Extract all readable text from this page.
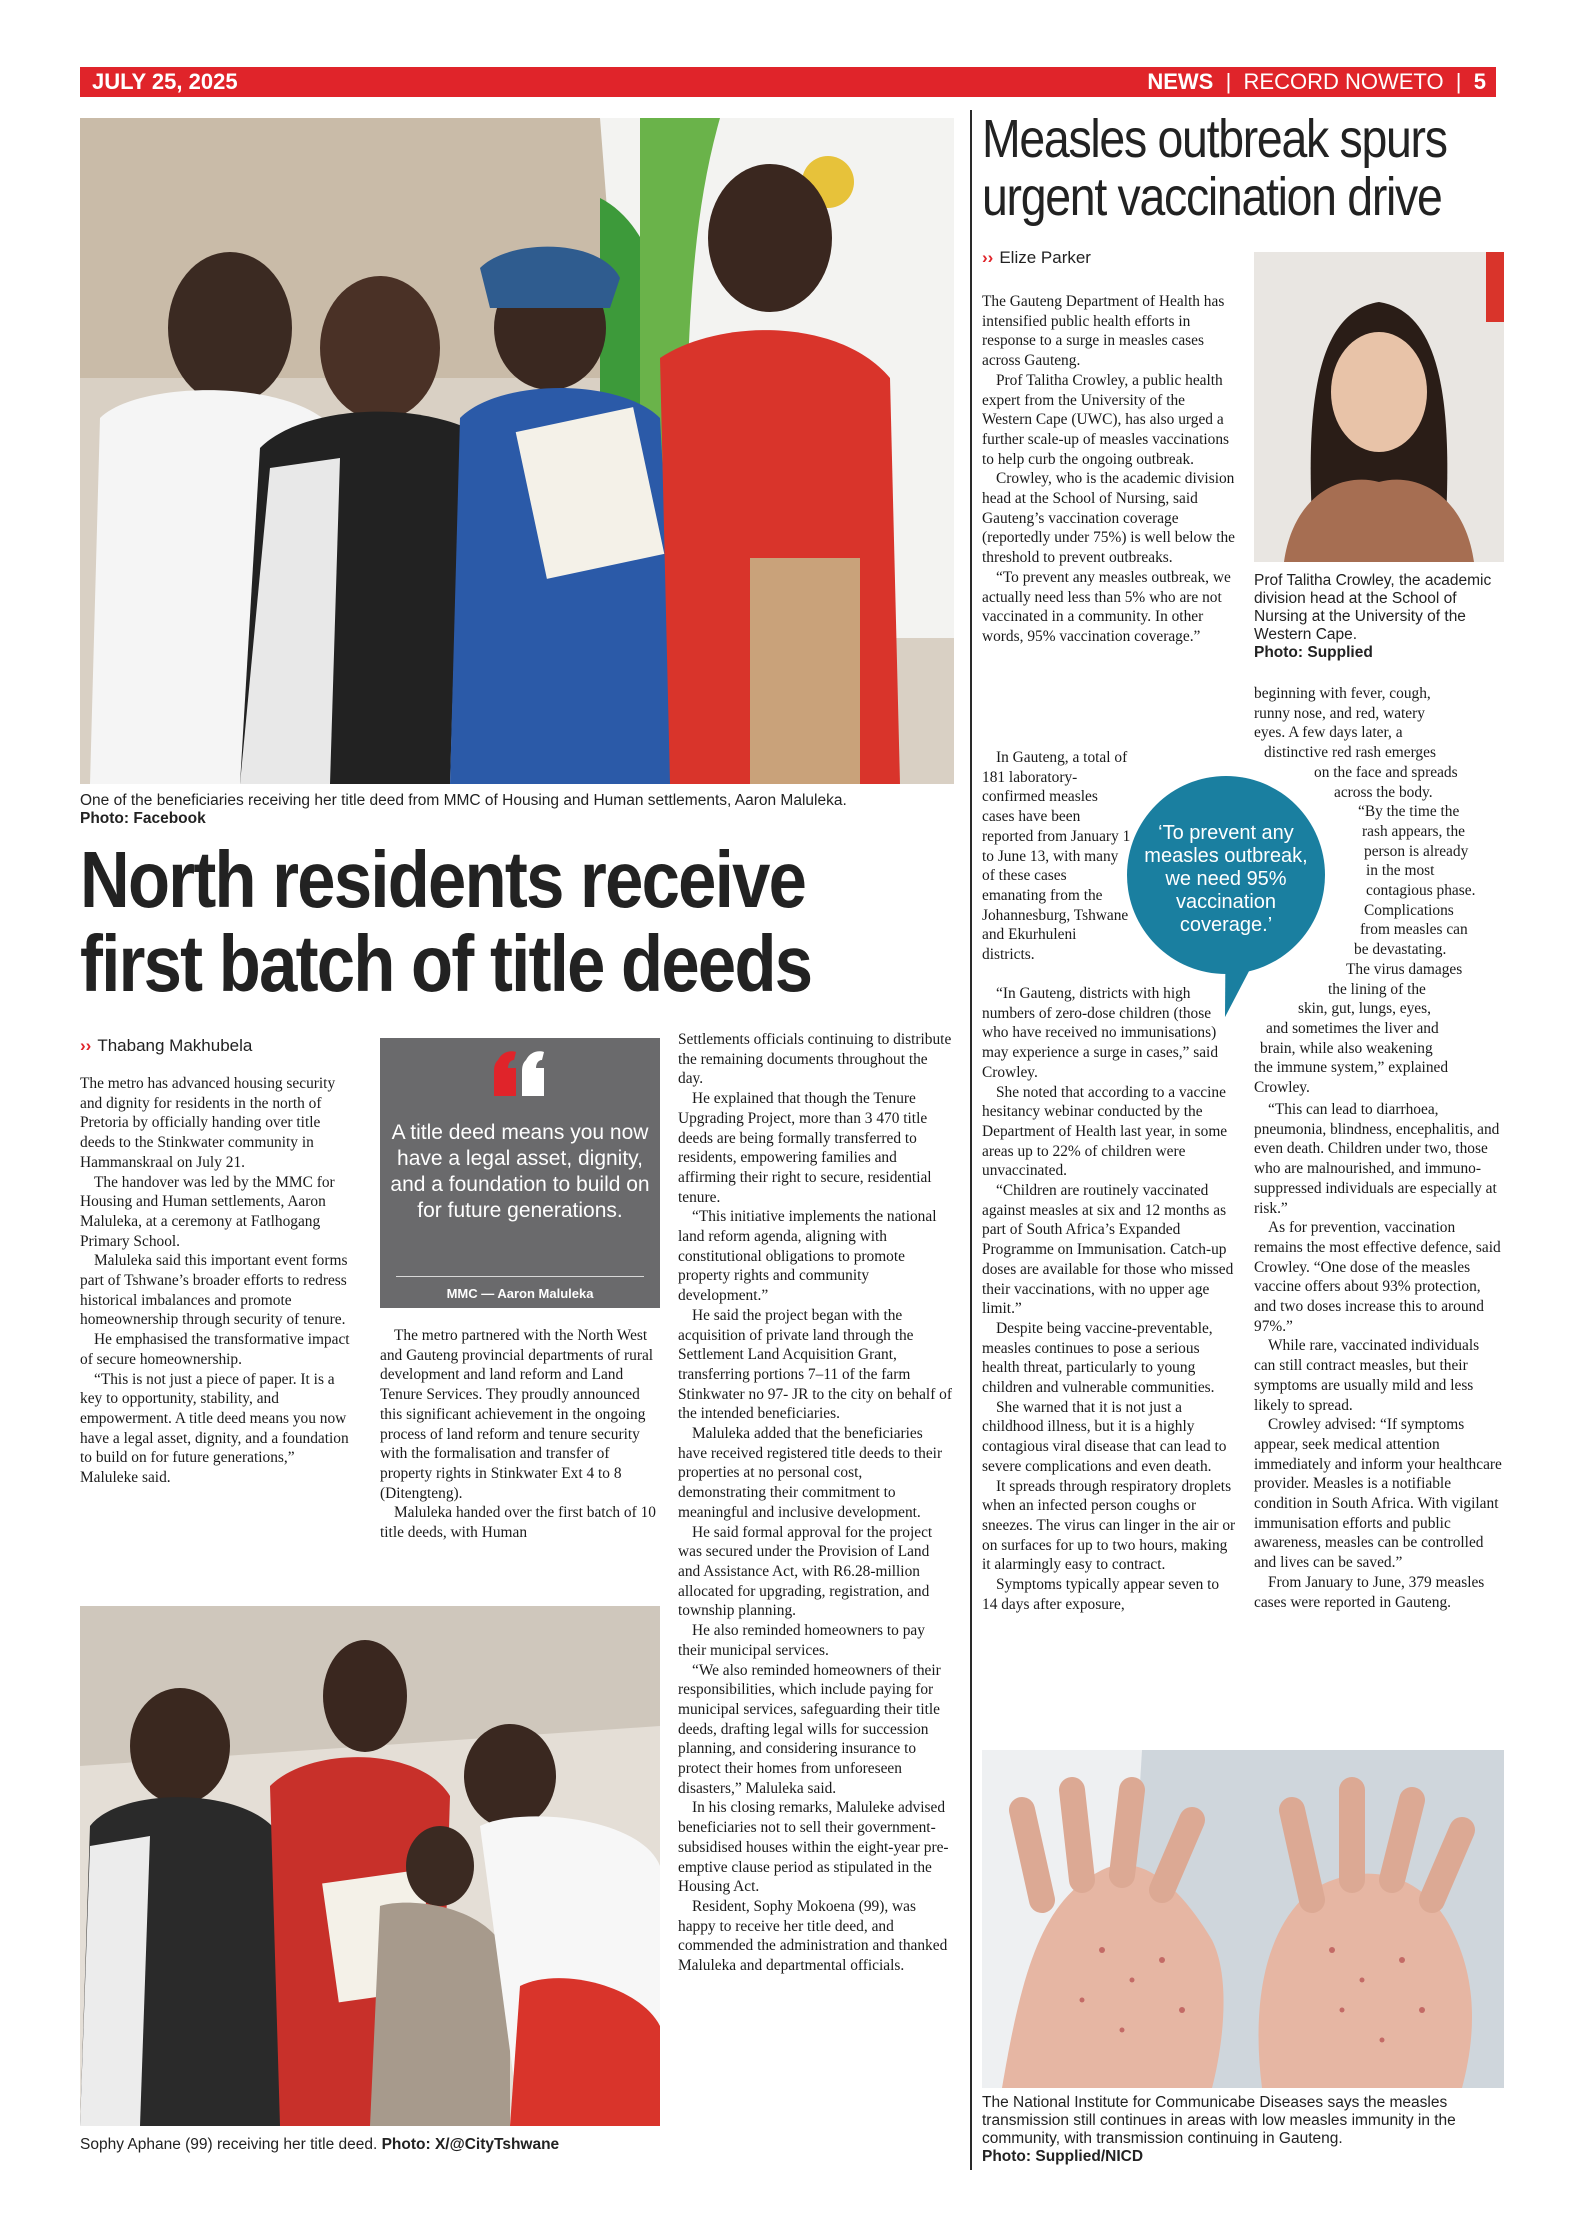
JULY 25, 2025	NEWS  |  RECORD NOWETO  |  5
One of the beneficiaries receiving her title deed from MMC of Housing and Human settlements, Aaron Maluleka.
Photo: Facebook
North residents receive
first batch of title deeds
›› Thabang Makhubela

The metro has advanced housing security and dignity for residents in the north of Pretoria by officially handing over title deeds to the Stinkwater community in Hammanskraal on July 21.

The handover was led by the MMC for Housing and Human settlements, Aaron Maluleka, at a ceremony at Fatlhogang Primary School.

Maluleka said this important event forms part of Tshwane’s broader efforts to redress historical imbalances and promote homeownership through security of tenure.

He emphasised the transformative impact of secure homeownership.

“This is not just a piece of paper. It is a key to opportunity, stability, and empowerment. A title deed means you now have a legal asset, dignity, and a foundation to build on for future generations,” Maluleke said.

A title deed means you now have a legal asset, dignity, and a foundation to build on for future generations.
MMC — Aaron Maluleka

The metro partnered with the North West and Gauteng provincial departments of rural development and land reform and Land Tenure Services. They proudly announced this significant achievement in the ongoing process of land reform and tenure security with the formalisation and transfer of property rights in Stinkwater Ext 4 to 8 (Ditengteng).

Maluleka handed over the first batch of 10 title deeds, with Human

Settlements officials continuing to distribute the remaining documents throughout the day.

He explained that though the Tenure Upgrading Project, more than 3 470 title deeds are being formally transferred to residents, empowering families and affirming their right to secure, residential tenure.

“This initiative implements the national land reform agenda, aligning with constitutional obligations to promote property rights and community development.”

He said the project began with the acquisition of private land through the Settlement Land Acquisition Grant, transferring portions 7–11 of the farm Stinkwater no 97- JR to the city on behalf of the intended beneficiaries.

Maluleka added that the beneficiaries have received registered title deeds to their properties at no personal cost, demonstrating their commitment to meaningful and inclusive development.

He said formal approval for the project was secured under the Provision of Land and Assistance Act, with R6.28-million allocated for upgrading, registration, and township planning.

He also reminded homeowners to pay their municipal services.

“We also reminded homeowners of their responsibilities, which include paying for municipal services, safeguarding their title deeds, drafting legal wills for succession planning, and considering insurance to protect their homes from unforeseen disasters,” Maluleka said.

In his closing remarks, Maluleke advised beneficiaries not to sell their government-subsidised houses within the eight-year pre-emptive clause period as stipulated in the Housing Act.

Resident, Sophy Mokoena (99), was happy to receive her title deed, and commended the administration and thanked Maluleka and departmental officials.

Sophy Aphane (99) receiving her title deed. Photo: X/@CityTshwane
Measles outbreak spurs
urgent vaccination drive
›› Elize Parker
Prof Talitha Crowley, the academic division head at the School of Nursing at the University of the Western Cape.
Photo: Supplied

The Gauteng Department of Health has intensified public health efforts in response to a surge in measles cases across Gauteng.

Prof Talitha Crowley, a public health expert from the University of the Western Cape (UWC), has also urged a further scale-up of measles vaccinations to help curb the ongoing outbreak.

Crowley, who is the academic division head at the School of Nursing, said Gauteng’s vaccination coverage (reportedly under 75%) is well below the threshold to prevent outbreaks.

“To prevent any measles outbreak, we actually need less than 5% who are not vaccinated in a community. In other words, 95% vaccination coverage.”

In Gauteng, a total of 181 laboratory-confirmed measles cases have been reported from January 1 to June 13, with many of these cases emanating from the Johannesburg, Tshwane and Ekurhuleni districts.

“In Gauteng, districts with high numbers of zero-dose children (those who have received no immunisations) may experience a surge in cases,” said Crowley.

She noted that according to a vaccine hesitancy webinar conducted by the Department of Health last year, in some areas up to 22% of children were unvaccinated.

“Children are routinely vaccinated against measles at six and 12 months as part of South Africa’s Expanded Programme on Immunisation. Catch-up doses are available for those who missed their vaccinations, with no upper age limit.”

Despite being vaccine-preventable, measles continues to pose a serious health threat, particularly to young children and vulnerable communities.

She warned that it is not just a childhood illness, but it is a highly contagious viral disease that can lead to severe complications and even death.

It spreads through respiratory droplets when an infected person coughs or sneezes. The virus can linger in the air or on surfaces for up to two hours, making it alarmingly easy to contract.

Symptoms typically appear seven to 14 days after exposure,

‘To prevent any measles outbreak, we need 95% vaccination coverage.’
beginning with fever, cough,
runny nose, and red, watery
eyes. A few days later, a
distinctive red rash emerges
on the face and spreads
across the body.
“By the time the
rash appears, the
person is already
in the most
contagious phase.
Complications
from measles can
be devastating.
The virus damages
the lining of the
skin, gut, lungs, eyes,
and sometimes the liver and
brain, while also weakening
the immune system,” explained
Crowley.

“This can lead to diarrhoea, pneumonia, blindness, encephalitis, and even death. Children under two, those who are malnourished, and immuno-suppressed individuals are especially at risk.”

As for prevention, vaccination remains the most effective defence, said Crowley. “One dose of the measles vaccine offers about 93% protection, and two doses increase this to around 97%.”

While rare, vaccinated individuals can still contract measles, but their symptoms are usually mild and less likely to spread.

Crowley advised: “If symptoms appear, seek medical attention immediately and inform your healthcare provider. Measles is a notifiable condition in South Africa. With vigilant immunisation efforts and public awareness, measles can be controlled and lives can be saved.”

From January to June, 379 measles cases were reported in Gauteng.

The National Institute for Communicabe Diseases says the measles transmission still continues in areas with low measles immunity in the community, with transmission continuing in Gauteng.
Photo: Supplied/NICD
